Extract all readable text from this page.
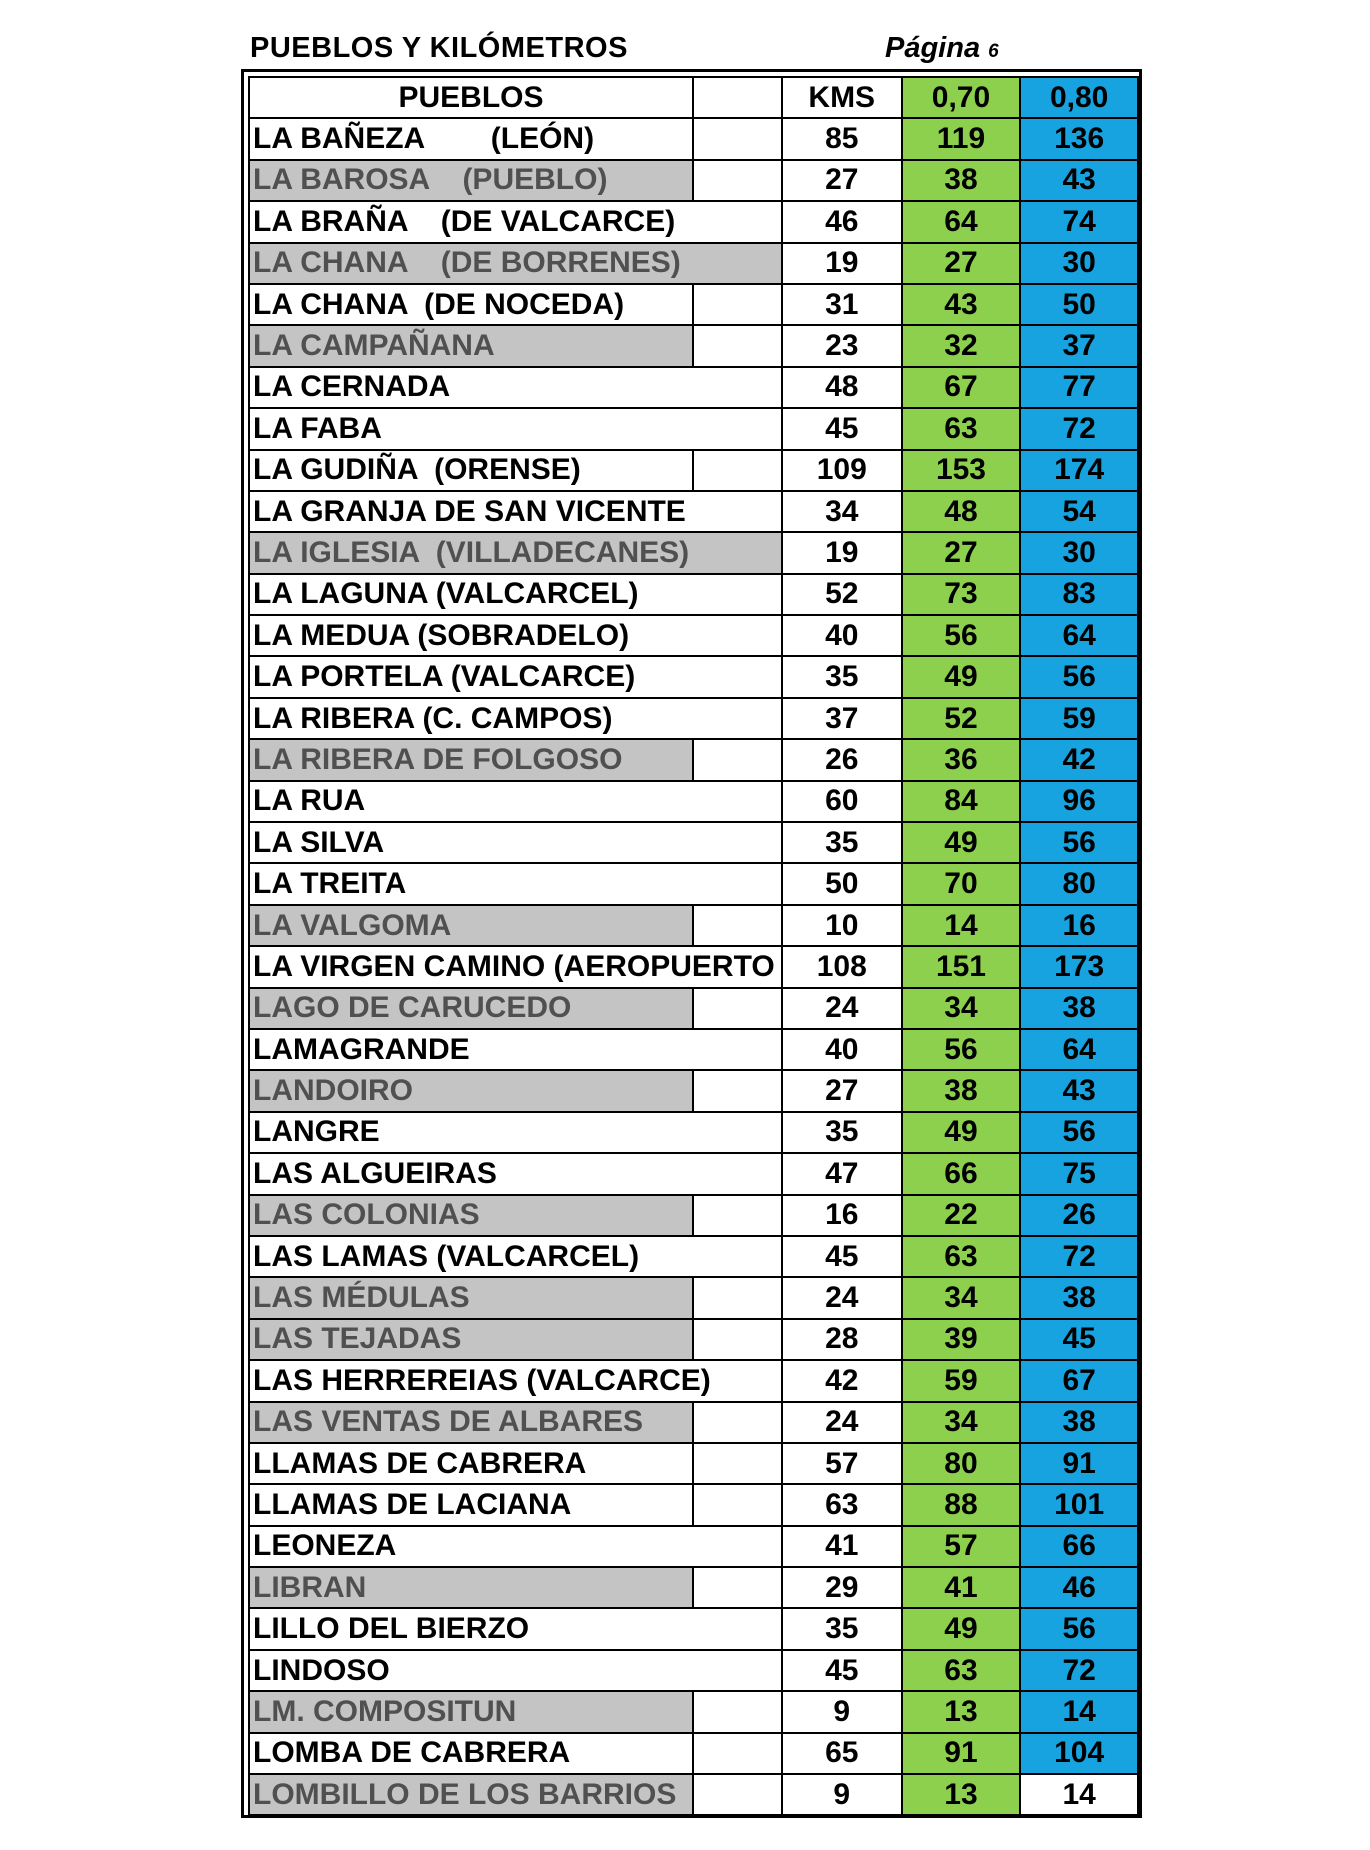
PUEBLOS Y KILÓMETROS	Página 6
PUEBLOS		KMS	0,70	0,80
LA BAÑEZA        (LEÓN)		85	119	136
LA BAROSA    (PUEBLO)		27	38	43
LA BRAÑA    (DE VALCARCE)		46	64	74
LA CHANA    (DE BORRENES)		19	27	30
LA CHANA  (DE NOCEDA)		31	43	50
LA CAMPAÑANA		23	32	37
LA CERNADA		48	67	77
LA FABA		45	63	72
LA GUDIÑA  (ORENSE)		109	153	174
LA GRANJA DE SAN VICENTE		34	48	54
LA IGLESIA  (VILLADECANES)		19	27	30
LA LAGUNA (VALCARCEL)		52	73	83
LA MEDUA (SOBRADELO)		40	56	64
LA PORTELA (VALCARCE)		35	49	56
LA RIBERA (C. CAMPOS)		37	52	59
LA RIBERA DE FOLGOSO		26	36	42
LA RUA		60	84	96
LA SILVA		35	49	56
LA TREITA		50	70	80
LA VALGOMA		10	14	16
LA VIRGEN CAMINO (AEROPUERTO		108	151	173
LAGO DE CARUCEDO		24	34	38
LAMAGRANDE		40	56	64
LANDOIRO		27	38	43
LANGRE		35	49	56
LAS ALGUEIRAS		47	66	75
LAS COLONIAS		16	22	26
LAS LAMAS (VALCARCEL)		45	63	72
LAS MÉDULAS		24	34	38
LAS TEJADAS		28	39	45
LAS HERREREIAS (VALCARCE)		42	59	67
LAS VENTAS DE ALBARES		24	34	38
LLAMAS DE CABRERA		57	80	91
LLAMAS DE LACIANA		63	88	101
LEONEZA		41	57	66
LIBRAN		29	41	46
LILLO DEL BIERZO		35	49	56
LINDOSO		45	63	72
LM. COMPOSITUN		9	13	14
LOMBA DE CABRERA		65	91	104
LOMBILLO DE LOS BARRIOS		9	13	14
